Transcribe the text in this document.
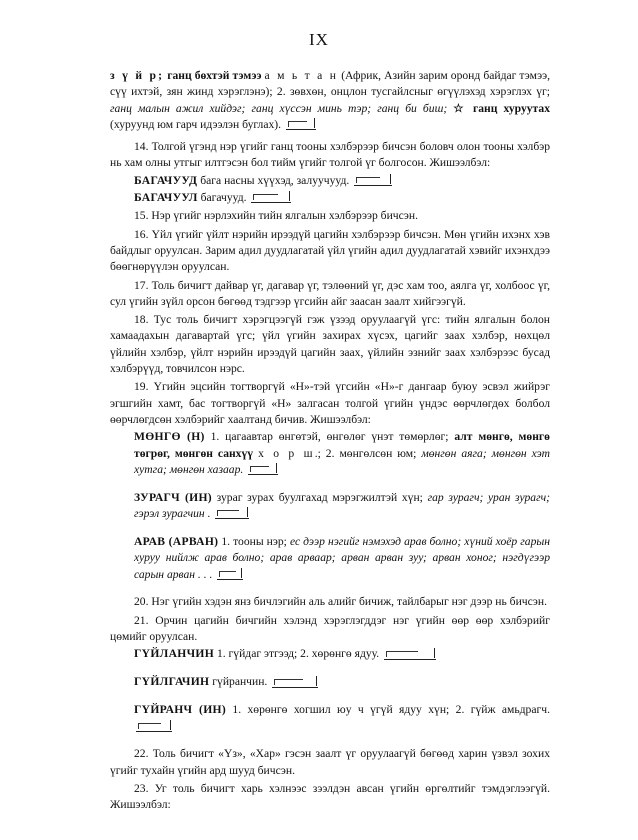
IX

з ү й р; ганц бөхтэй тэмээ а м ь т а н (Африк, Азийн зарим оронд байдаг тэмээ, сүү ихтэй, зян жинд хэрэглэнэ); 2. зөвхөн, онцлон тусгайлсныг өгүүлэхэд хэрэглэх үг; ганц малын ажил хийдэг; ганц хүссэн минь тэр; ганц би биш; ☆ ганц хуруутах (хуруунд юм гарч идээлэн буглах).

14. Толгой үгэнд нэр үгийг ганц тооны хэлбэрээр бичсэн боловч олон тооны хэлбэр нь хам олны утгыг илтгэсэн бол тийм үгийг толгой үг болгосон. Жишээлбэл:

БАГАЧУУД бага насны хүүхэд, залуучууд.

БАГАЧУУЛ багачууд.

15. Нэр үгийг нэрлэхийн тийн ялгалын хэлбэрээр бичсэн.

16. Үйл үгийг үйлт нэрийн ирээдүй цагийн хэлбэрээр бичсэн. Мөн үгийн ихэнх хэв байдлыг оруулсан. Зарим адил дуудлагатай үйл үгийн адил дуудлагатай хэвийг ихэнхдээ бөөгнөрүүлэн оруулсан.

17. Толь бичигт дайвар үг, дагавар үг, тэлөөний үг, дэс хам тоо, аялга үг, холбоос үг, сул үгийн зүйл орсон бөгөөд тэдгээр үгсийн айг заасан заалт хийгээгүй.

18. Тус толь бичигт хэрэгцээгүй гэж үзээд оруулаагүй үгс: тийн ялгалын болон хамаадахын дагавартай үгс; үйл үгийн захирах хүсэх, цагийг заах хэлбэр, нөхцөл үйлийн хэлбэр, үйлт нэрийн ирээдүй цагийн заах, үйлийн эзнийг заах хэлбэрээс бусад хэлбэрүүд, товчилсон нэрс.

19. Үгийн эцсийн тогтворгүй «Н»-тэй үгсийн «Н»-г дангаар буюу эсвэл жийрэг эгшгийн хамт, бас тогтворгүй «Н» залгасан толгой үгийн үндэс өөрчлөгдөх болбол өөрчлөгдсөн хэлбэрийг хаалтанд бичив. Жишээлбэл:

МӨНГӨ (Н) 1. цагаавтар өнгөтэй, өнгөлөг үнэт төмөрлөг; алт мөнгө, мөнгө төгрөг, мөнгөн санхүү х о р ш.; 2. мөнгөлсөн юм; мөнгөн аяга; мөнгөн хэт хутга; мөнгөн хазаар.

ЗУРАГЧ (ИН) зураг зурах буулгахад мэрэгжилтэй хүн; гар зурагч; уран зурагч; гэрэл зурагчин .

АРАВ (АРВАН) 1. тооны нэр; ес дээр нэгийг нэмэхэд арав болно; хүний хоёр гарын хуруу нийлж арав болно; арав арваар; арван арван зуу; арван хоног; нэгдүгээр сарын арван . . .

20. Нэг үгийн хэдэн янз бичлэгийн аль алийг бичиж, тайлбарыг нэг дээр нь бичсэн.

21. Орчин цагийн бичгийн хэлэнд хэрэглэгддэг нэг үгийн өөр өөр хэлбэрийг цөмийг оруулсан.

ГҮЙЛАНЧИН 1. гүйдаг этгээд; 2. хөрөнгө ядуу.

ГҮЙЛГАЧИН гүйранчин.

ГҮЙРАНЧ (ИН) 1. хөрөнгө хогшил юу ч үгүй ядуу хүн; 2. гүйж амьдрагч.

22. Толь бичигт «Үз», «Хар» гэсэн заалт үг оруулаагүй бөгөөд харин үзвэл зохих үгийг тухайн үгийн ард шууд бичсэн.

23. Уг толь бичигт харь хэлнээс зээлдэн авсан үгийн өргөлтийг тэмдэглээгүй. Жишээлбэл:
